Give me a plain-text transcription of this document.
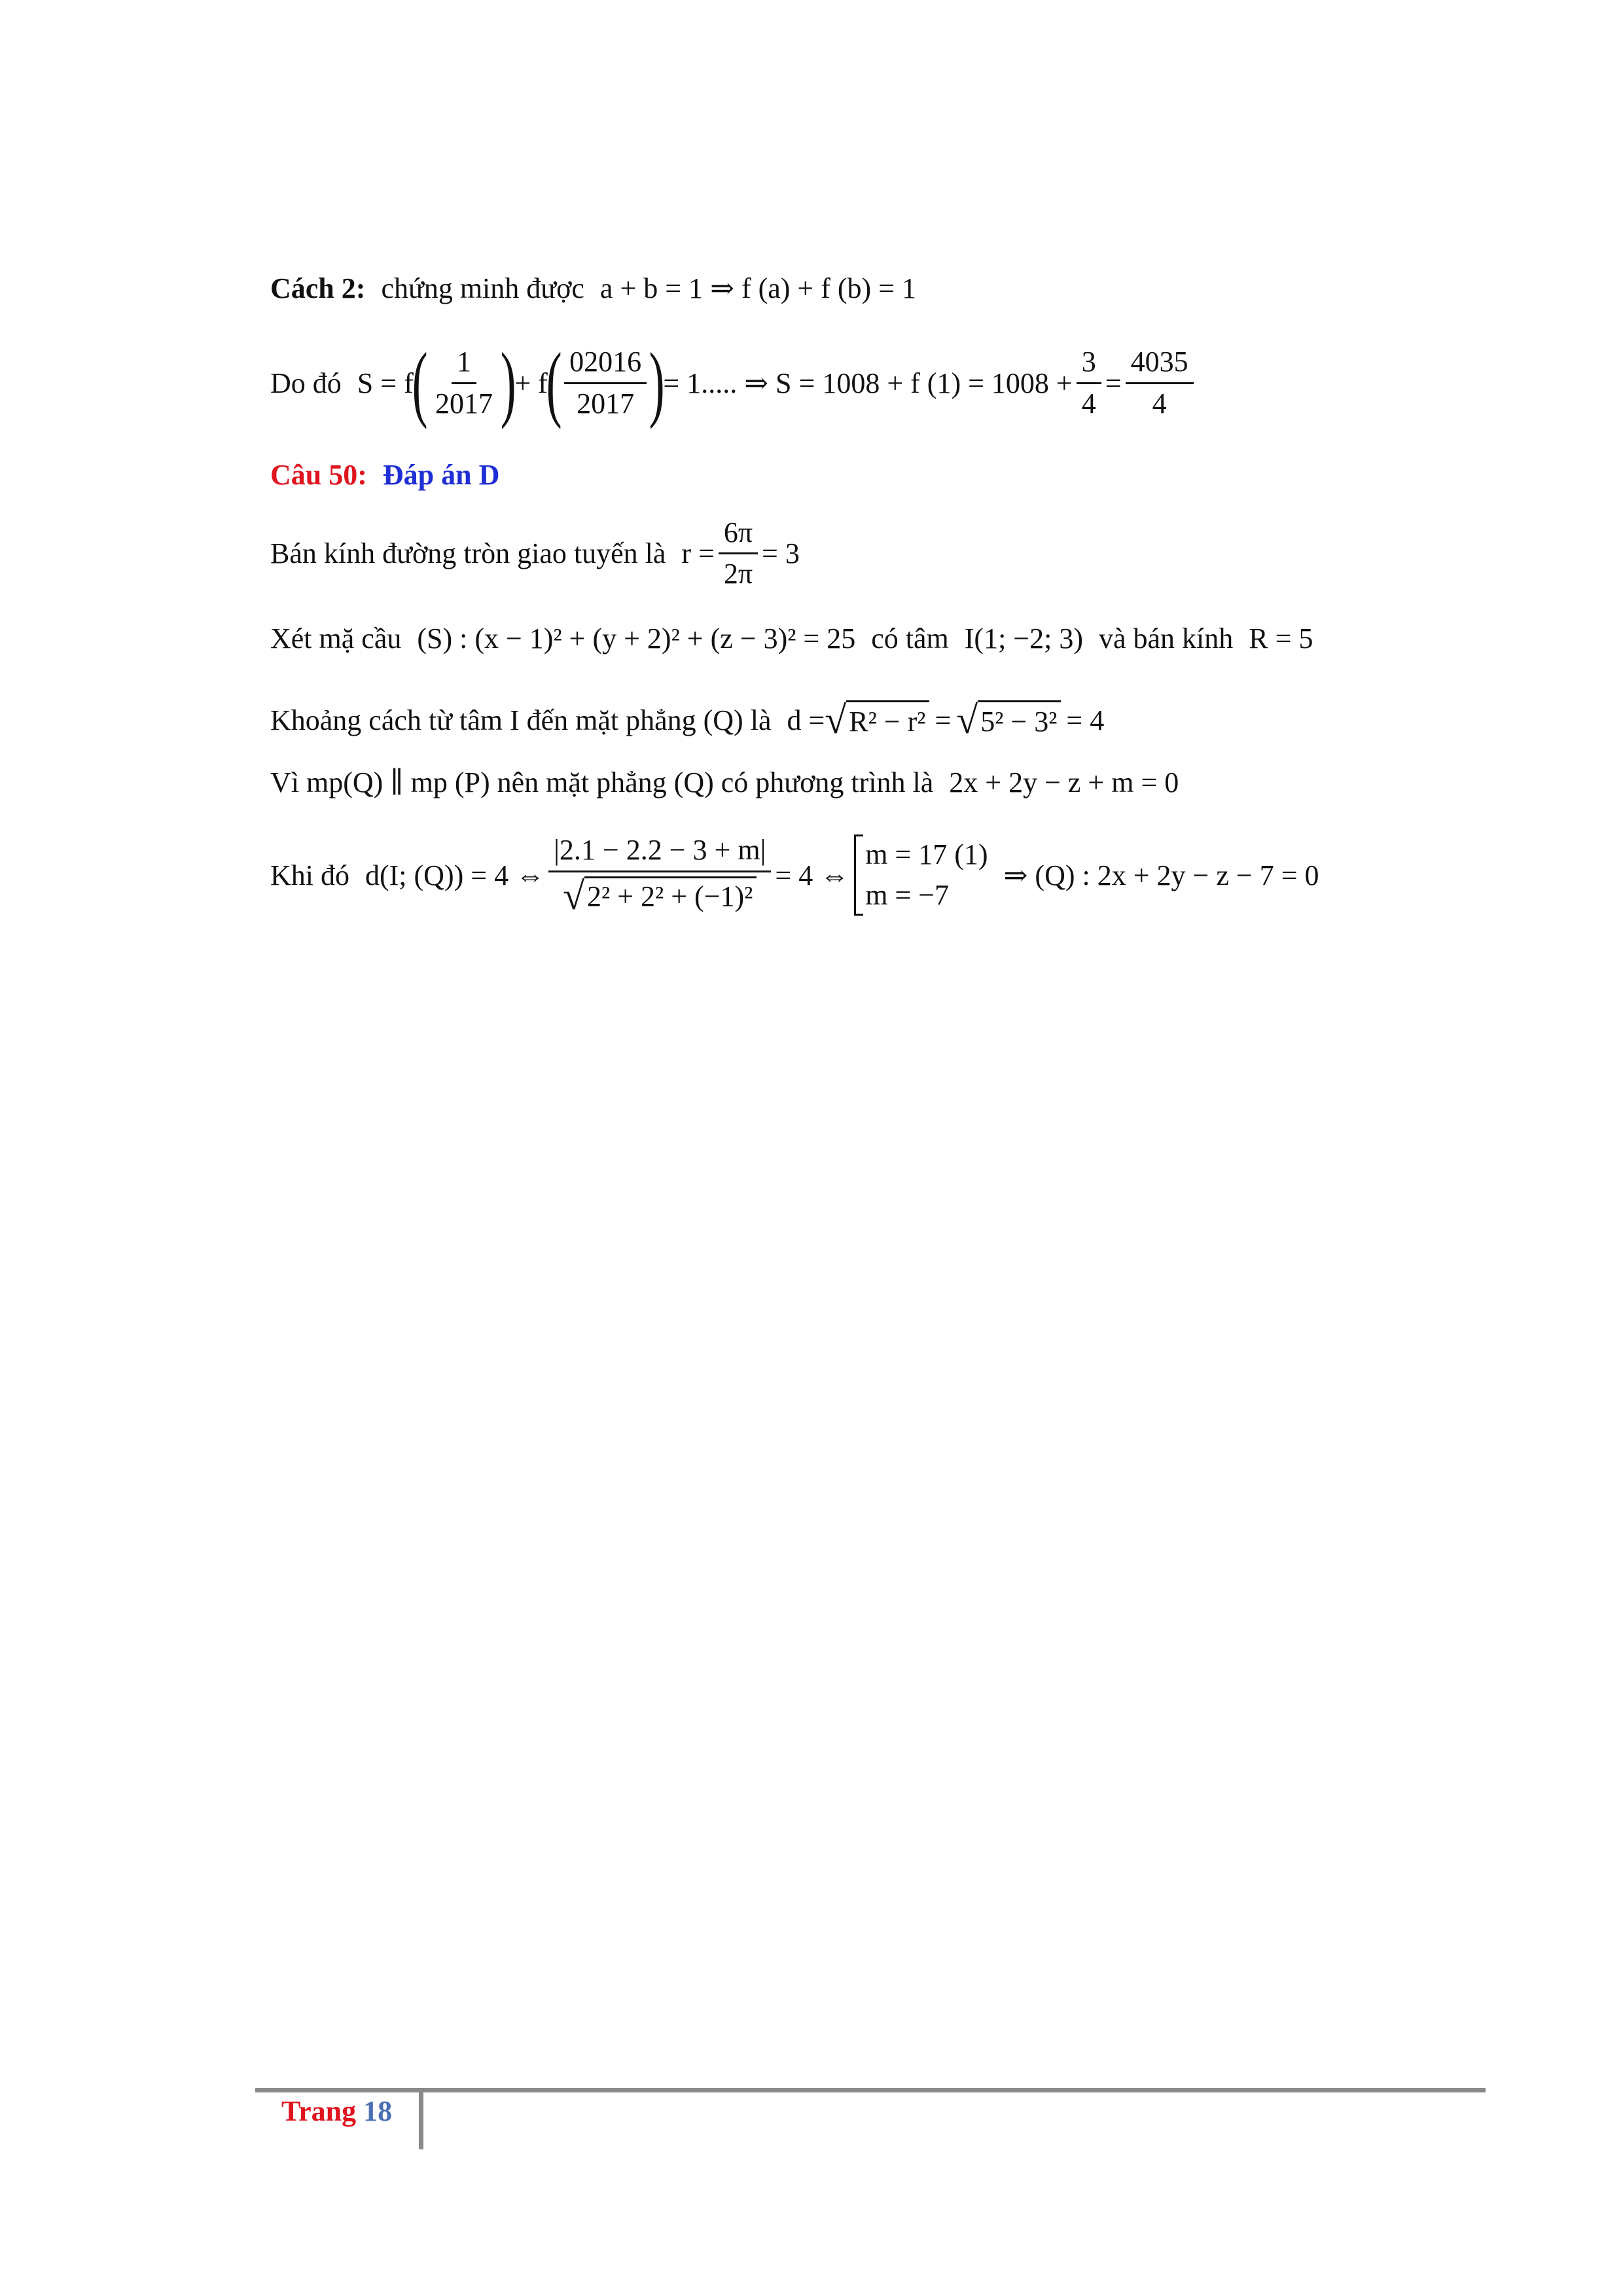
Cách 2: chứng minh được a + b = 1 ⇒ f (a) + f (b) = 1
Do đó S = f
( $\frac{1}{2017}$ )
+ f
( $\frac{02016}{2017}$ )
= 1..... ⇒ S = 1008 + f $(1) = 1008 + \frac{3}{4} = \frac{4035}{4}$
Câu 50: Đáp án D
Bán kính đường tròn giao tuyến là $r = \frac{6\pi}{2\pi} = 3$
Xét mặ cầu (S) : (x − 1)² + (y + 2)² + (z − 3)² = 25 có tâm I(1; −2; 3) và bán kính R = 5
Khoảng cách từ tâm I đến mặt phẳng (Q) là d = √ R² − r² = √ 5² − 3² = 4
Vì mp(Q) ∥ mp (P) nên mặt phẳng (Q) có phương trình là 2x + 2y − z + m = 0
Khi đó d(I; (Q)) = 4 ⇔ $\frac{|2.1 - 2.2 - 3 + m|}{\text{√ 2² + 2² + (−1)²}} = 4$ ⇔
m = 17 (1)
m = −7
⇒ (Q) : 2x + 2y − z − 7 = 0
Trang 18
